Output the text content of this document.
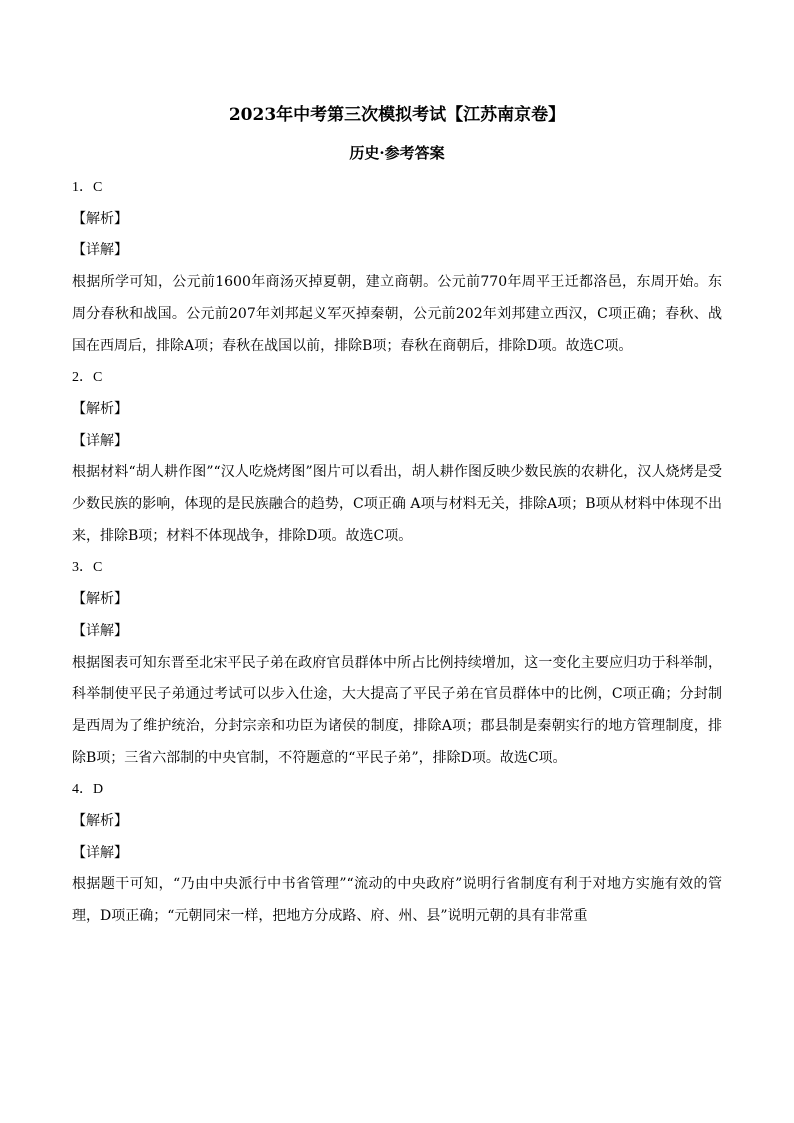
2023年中考第三次模拟考试【江苏南京卷】
历史·参考答案

1．C

【解析】

【详解】

根据所学可知，公元前1600年商汤灭掉夏朝，建立商朝。公元前770年周平王迁都洛邑，东周开始。东周分春秋和战国。公元前207年刘邦起义军灭掉秦朝，公元前202年刘邦建立西汉，C项正确；春秋、战国在西周后，排除A项；春秋在战国以前，排除B项；春秋在商朝后，排除D项。故选C项。

2．C

【解析】

【详解】

根据材料“胡人耕作图”“汉人吃烧烤图”图片可以看出，胡人耕作图反映少数民族的农耕化，汉人烧烤是受少数民族的影响，体现的是民族融合的趋势，C项正确 A项与材料无关，排除A项；B项从材料中体现不出来，排除B项；材料不体现战争，排除D项。故选C项。

3．C

【解析】

【详解】

根据图表可知东晋至北宋平民子弟在政府官员群体中所占比例持续增加，这一变化主要应归功于科举制，科举制使平民子弟通过考试可以步入仕途，大大提高了平民子弟在官员群体中的比例，C项正确；分封制是西周为了维护统治，分封宗亲和功臣为诸侯的制度，排除A项；郡县制是秦朝实行的地方管理制度，排除B项；三省六部制的中央官制，不符题意的“平民子弟”，排除D项。故选C项。

4．D

【解析】

【详解】

根据题干可知，“乃由中央派行中书省管理”“流动的中央政府”说明行省制度有利于对地方实施有效的管理，D项正确；“元朝同宋一样，把地方分成路、府、州、县”说明元朝的具有非常重
